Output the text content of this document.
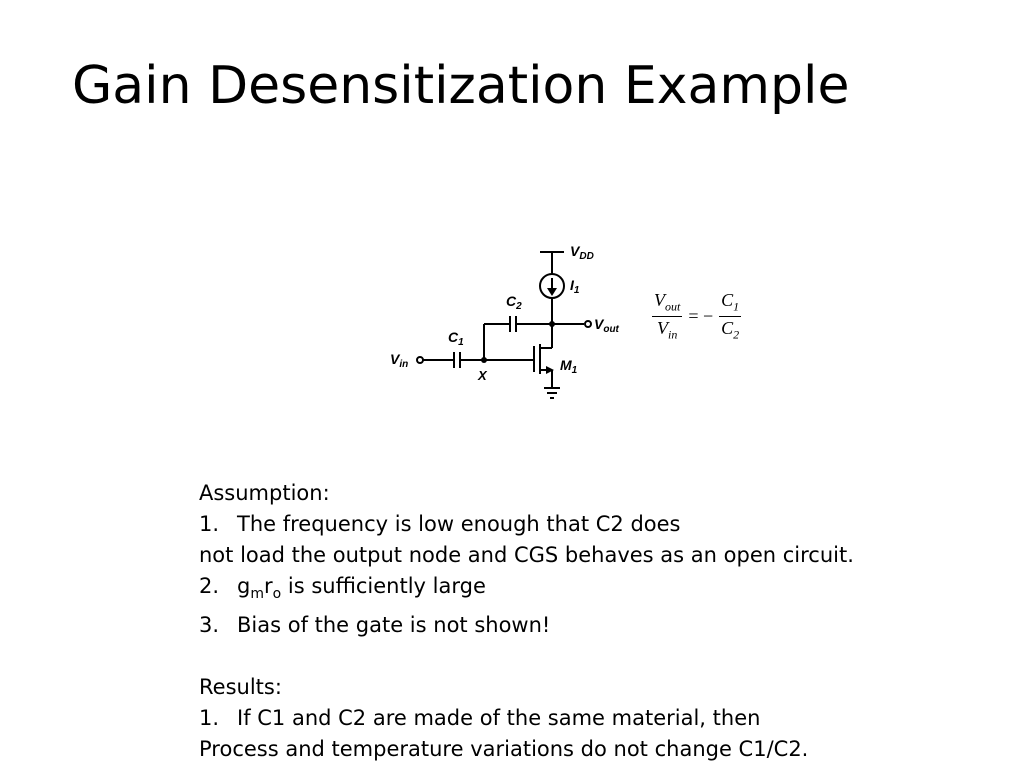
Gain Desensitization Example
$V_{DD}$
$I_1$
$C_2$
$V_{out}$
$C_1$
$V_{in}$	$M_1$
X
$\frac{V_{out}}{V_{in}}$ = − $\frac{C_1}{C_2}$
Assumption:
1. The frequency is low enough that C2 does
not load the output node and CGS behaves as an open circuit.
2. $g_mr_o$ is sufficiently large
3. Bias of the gate is not shown!
Results:
1. If C1 and C2 are made of the same material, then
Process and temperature variations do not change C1/C2.
